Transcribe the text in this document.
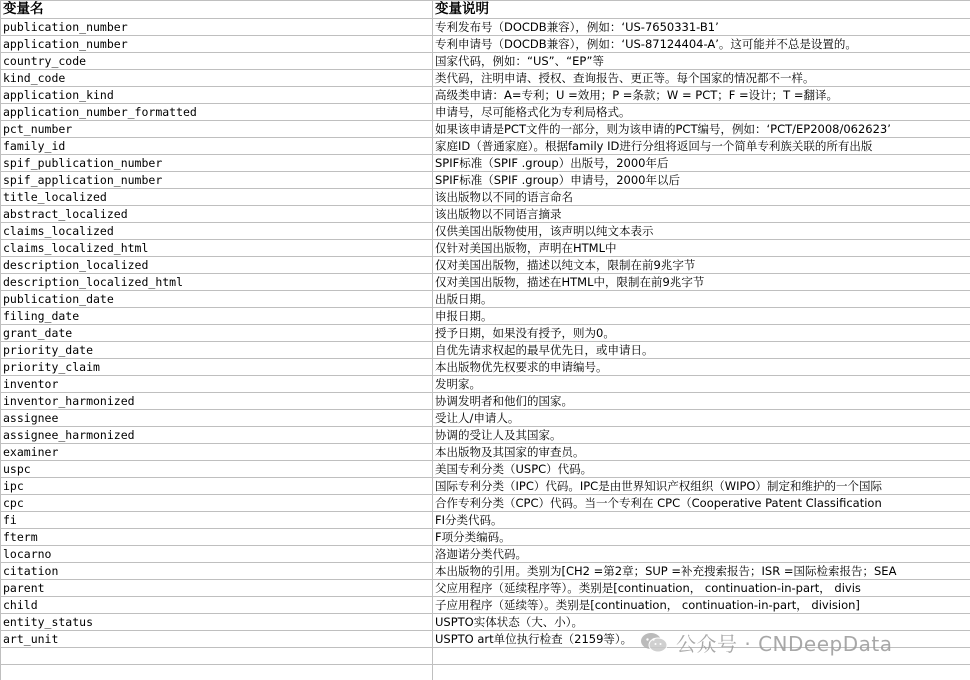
变量名	变量说明
publication_number	专利发布号（DOCDB兼容），例如：‘US-7650331-B1’
application_number	专利申请号（DOCDB兼容），例如：‘US-87124404-A’。这可能并不总是设置的。
country_code	国家代码，例如：“US”、“EP”等
kind_code	类代码，注明申请、授权、查询报告、更正等。每个国家的情况都不一样。
application_kind	高级类申请：A=专利；U =效用；P =条款；W = PCT；F =设计；T =翻译。
application_number_formatted	申请号，尽可能格式化为专利局格式。
pct_number	如果该申请是PCT文件的一部分，则为该申请的PCT编号，例如：‘PCT/EP2008/062623’
family_id	家庭ID（普通家庭）。根据family ID进行分组将返回与一个简单专利族关联的所有出版
spif_publication_number	SPIF标准（SPIF .group）出版号，2000年后
spif_application_number	SPIF标准（SPIF .group）申请号，2000年以后
title_localized	该出版物以不同的语言命名
abstract_localized	该出版物以不同语言摘录
claims_localized	仅供美国出版物使用，该声明以纯文本表示
claims_localized_html	仅针对美国出版物，声明在HTML中
description_localized	仅对美国出版物，描述以纯文本，限制在前9兆字节
description_localized_html	仅对美国出版物，描述在HTML中，限制在前9兆字节
publication_date	出版日期。
filing_date	申报日期。
grant_date	授予日期，如果没有授予，则为0。
priority_date	自优先请求权起的最早优先日，或申请日。
priority_claim	本出版物优先权要求的申请编号。
inventor	发明家。
inventor_harmonized	协调发明者和他们的国家。
assignee	受让人/申请人。
assignee_harmonized	协调的受让人及其国家。
examiner	本出版物及其国家的审查员。
uspc	美国专利分类（USPC）代码。
ipc	国际专利分类（IPC）代码。IPC是由世界知识产权组织（WIPO）制定和维护的一个国际
cpc	合作专利分类（CPC）代码。当一个专利在 CPC（Cooperative Patent Classification
fi	FI分类代码。
fterm	F项分类编码。
locarno	洛迦诺分类代码。
citation	本出版物的引用。类别为[CH2 =第2章；SUP =补充搜索报告；ISR =国际检索报告；SEA
parent	父应用程序（延续程序等）。类别是[continuation， continuation-in-part， divis
child	子应用程序（延续等）。类别是[continuation， continuation-in-part， division]
entity_status	USPTO实体状态（大、小）。
art_unit	USPTO art单位执行检查（2159等）。

	公众号 · CNDeepData
